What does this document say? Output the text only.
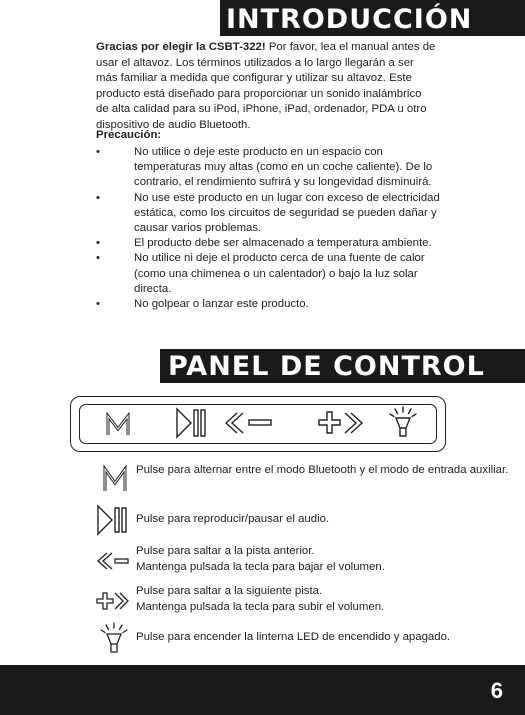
INTRODUCCIÓN
Gracias por elegir la CSBT-322! Por favor, lea el manual antes de usar el altavoz. Los términos utilizados a lo largo llegarán a ser más familiar a medida que configurar y utilizar su altavoz. Este producto está diseñado para proporcionar un sonido inalámbrico de alta calidad para su iPod, iPhone, iPad, ordenador, PDA u otro dispositivo de audio Bluetooth.
Precaución:
•	No utilice o deje este producto en un espacio con temperaturas muy altas (como en un coche caliente). De lo contrario, el rendimiento sufrirá y su longevidad disminuirá.
•	No use este producto en un lugar con exceso de electricidad estática, como los circuitos de seguridad se pueden dañar y causar varios problemas.
•	El producto debe ser almacenado a temperatura ambiente.
•	No utilice ni deje el producto cerca de una fuente de calor (como una chimenea o un calentador) o bajo la luz solar directa.
•	No golpear o lanzar este producto.
PANEL DE CONTROL
Pulse para alternar entre el modo Bluetooth y el modo de entrada auxiliar.
Pulse para reproducir/pausar el audio.
Pulse para saltar a la pista anterior.
Mantenga pulsada la tecla para bajar el volumen.
Pulse para saltar a la siguiente pista.
Mantenga pulsada la tecla para subir el volumen.
Pulse para encender la linterna LED de encendido y apagado.
6
